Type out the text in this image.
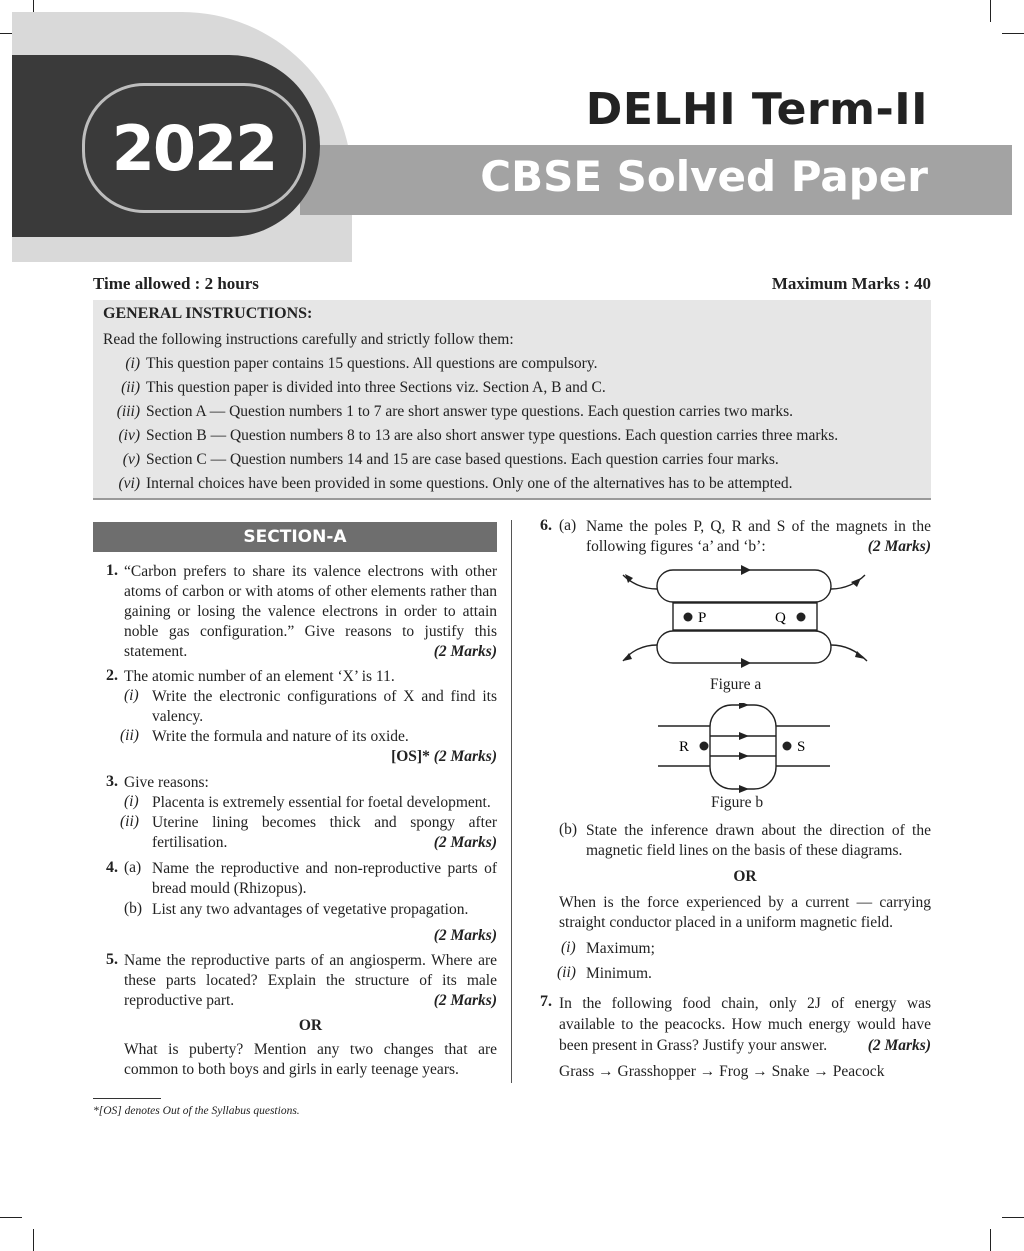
2022
DELHI Term-II
CBSE Solved Paper
Time allowed : 2 hours	Maximum Marks : 40
GENERAL INSTRUCTIONS:
Read the following instructions carefully and strictly follow them:
(i) This question paper contains 15 questions. All questions are compulsory.
(ii) This question paper is divided into three Sections viz. Section A, B and C.
(iii) Section A — Question numbers 1 to 7 are short answer type questions. Each question carries two marks.
(iv) Section B — Question numbers 8 to 13 are also short answer type questions. Each question carries three marks.
(v) Section C — Question numbers 14 and 15 are case based questions. Each question carries four marks.
(vi) Internal choices have been provided in some questions. Only one of the alternatives has to be attempted.
SECTION-A
1. “Carbon prefers to share its valence electrons with other atoms of carbon or with atoms of other elements rather than gaining or losing the valence electrons in order to attain noble gas configuration.” Give reasons to justify this statement.	(2 Marks)

2. The atomic number of an element ‘X’ is 11.

(i) Write the electronic configurations of X and find its valency.

(ii) Write the formula and nature of its oxide.

[OS]* (2 Marks)

3. Give reasons:

(i) Placenta is extremely essential for foetal development.

(ii) Uterine lining becomes thick and spongy after fertilisation.	(2 Marks)

4. (a) Name the reproductive and non-reproductive parts of bread mould (Rhizopus).

(b) List any two advantages of vegetative propagation.

(2 Marks)

5. Name the reproductive parts of an angiosperm. Where are these parts located? Explain the structure of its male reproductive part.	(2 Marks)

OR

What is puberty? Mention any two changes that are common to both boys and girls in early teenage years.

6. (a) Name the poles P, Q, R and S of the magnets in the following figures ‘a’ and ‘b’:	(2 Marks)

P	Q
Figure a
R	S
Figure b
(b) State the inference drawn about the direction of the magnetic field lines on the basis of these diagrams.

OR

When is the force experienced by a current — carrying straight conductor placed in a uniform magnetic field.

(i) Maximum;

(ii) Minimum.

7. In the following food chain, only 2J of energy was available to the peacocks. How much energy would have been present in Grass? Justify your answer.	(2 Marks)

Grass → Grasshopper → Frog → Snake → Peacock

*[OS] denotes Out of the Syllabus questions.
